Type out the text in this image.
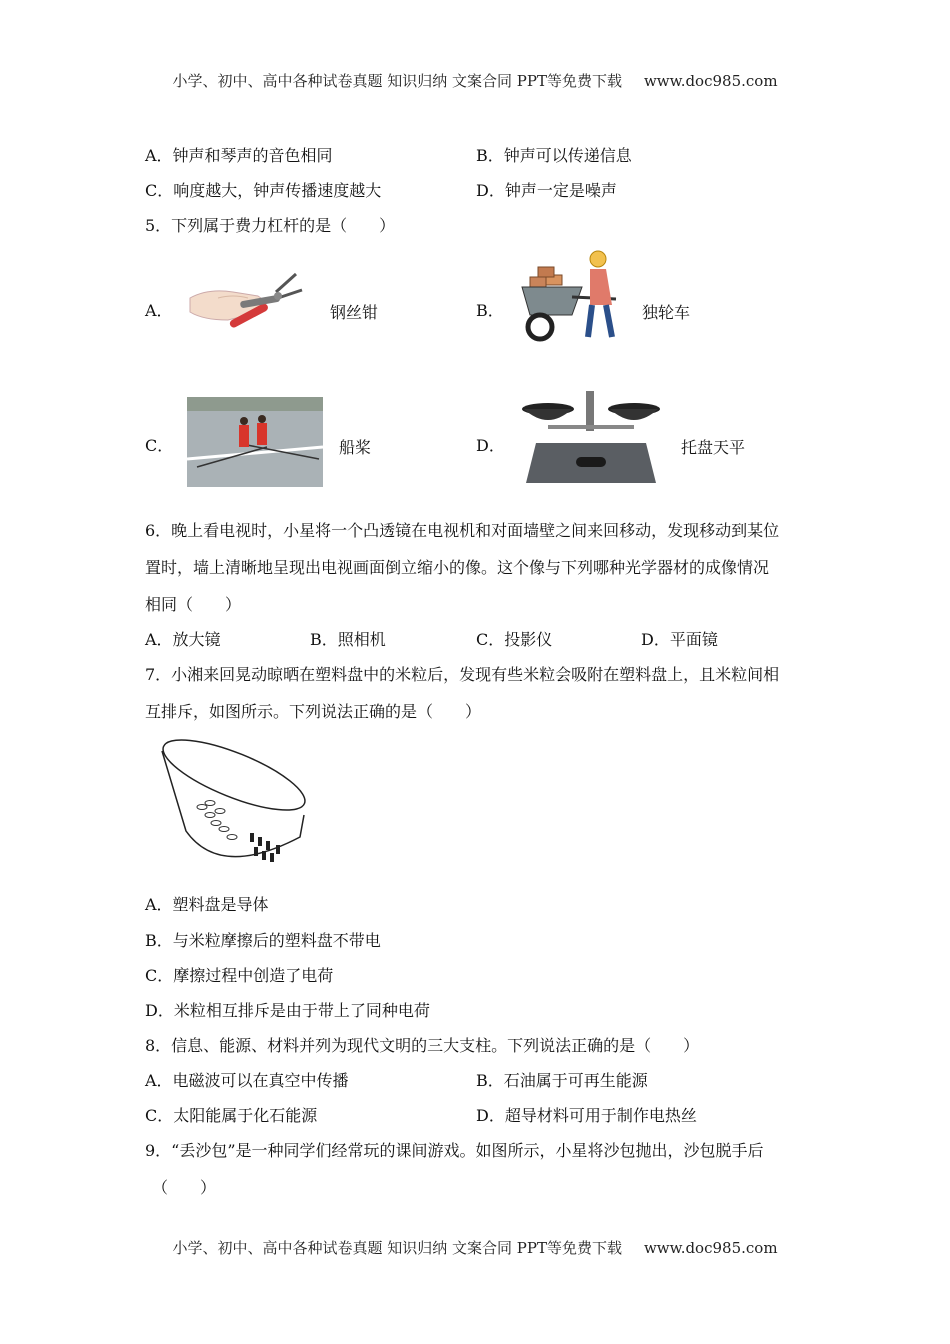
小学、初中、高中各种试卷真题 知识归纳 文案合同 PPT等免费下载 www.doc985.com
A．钟声和琴声的音色相同	B．钟声可以传递信息
C．响度越大，钟声传播速度越大	D．钟声一定是噪声
5．下列属于费力杠杆的是（　　）
A．	钢丝钳	B．	独轮车
C．	船桨	D．	托盘天平
6．晚上看电视时，小星将一个凸透镜在电视机和对面墙壁之间来回移动，发现移动到某位
置时，墙上清晰地呈现出电视画面倒立缩小的像。这个像与下列哪种光学器材的成像情况
相同（　　）
A．放大镜	B．照相机	C．投影仪	D．平面镜
7．小湘来回晃动晾晒在塑料盘中的米粒后，发现有些米粒会吸附在塑料盘上，且米粒间相
互排斥，如图所示。下列说法正确的是（　　）
A．塑料盘是导体
B．与米粒摩擦后的塑料盘不带电
C．摩擦过程中创造了电荷
D．米粒相互排斥是由于带上了同种电荷
8．信息、能源、材料并列为现代文明的三大支柱。下列说法正确的是（　　）
A．电磁波可以在真空中传播	B．石油属于可再生能源
C．太阳能属于化石能源	D．超导材料可用于制作电热丝
9．“丢沙包”是一种同学们经常玩的课间游戏。如图所示，小星将沙包抛出，沙包脱手后
（　　）
小学、初中、高中各种试卷真题 知识归纳 文案合同 PPT等免费下载 www.doc985.com
